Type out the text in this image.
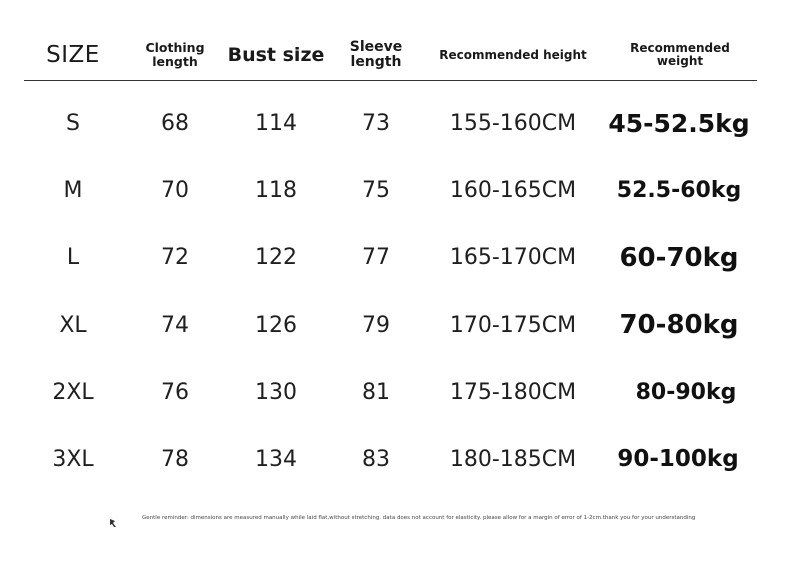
SIZE	Clothing length	Bust size	Sleeve length	Recommended height	Recommended weight
S	68	114	73	155-160CM 45-52.5kg
M	70	118	75	160-165CM 52.5-60kg
L	72	122	77	165-170CM 60-70kg
XL	74	126	79	170-175CM 70-80kg
2XL	76	130	81	175-180CM	80-90kg
3XL	78	134	83	180-185CM 90-100kg
Gentle reminder: dimensions are measured manually while laid flat,without stretching. data does not account for elasticity. please allow for a margin of error of 1-2cm.thank you for your understanding
